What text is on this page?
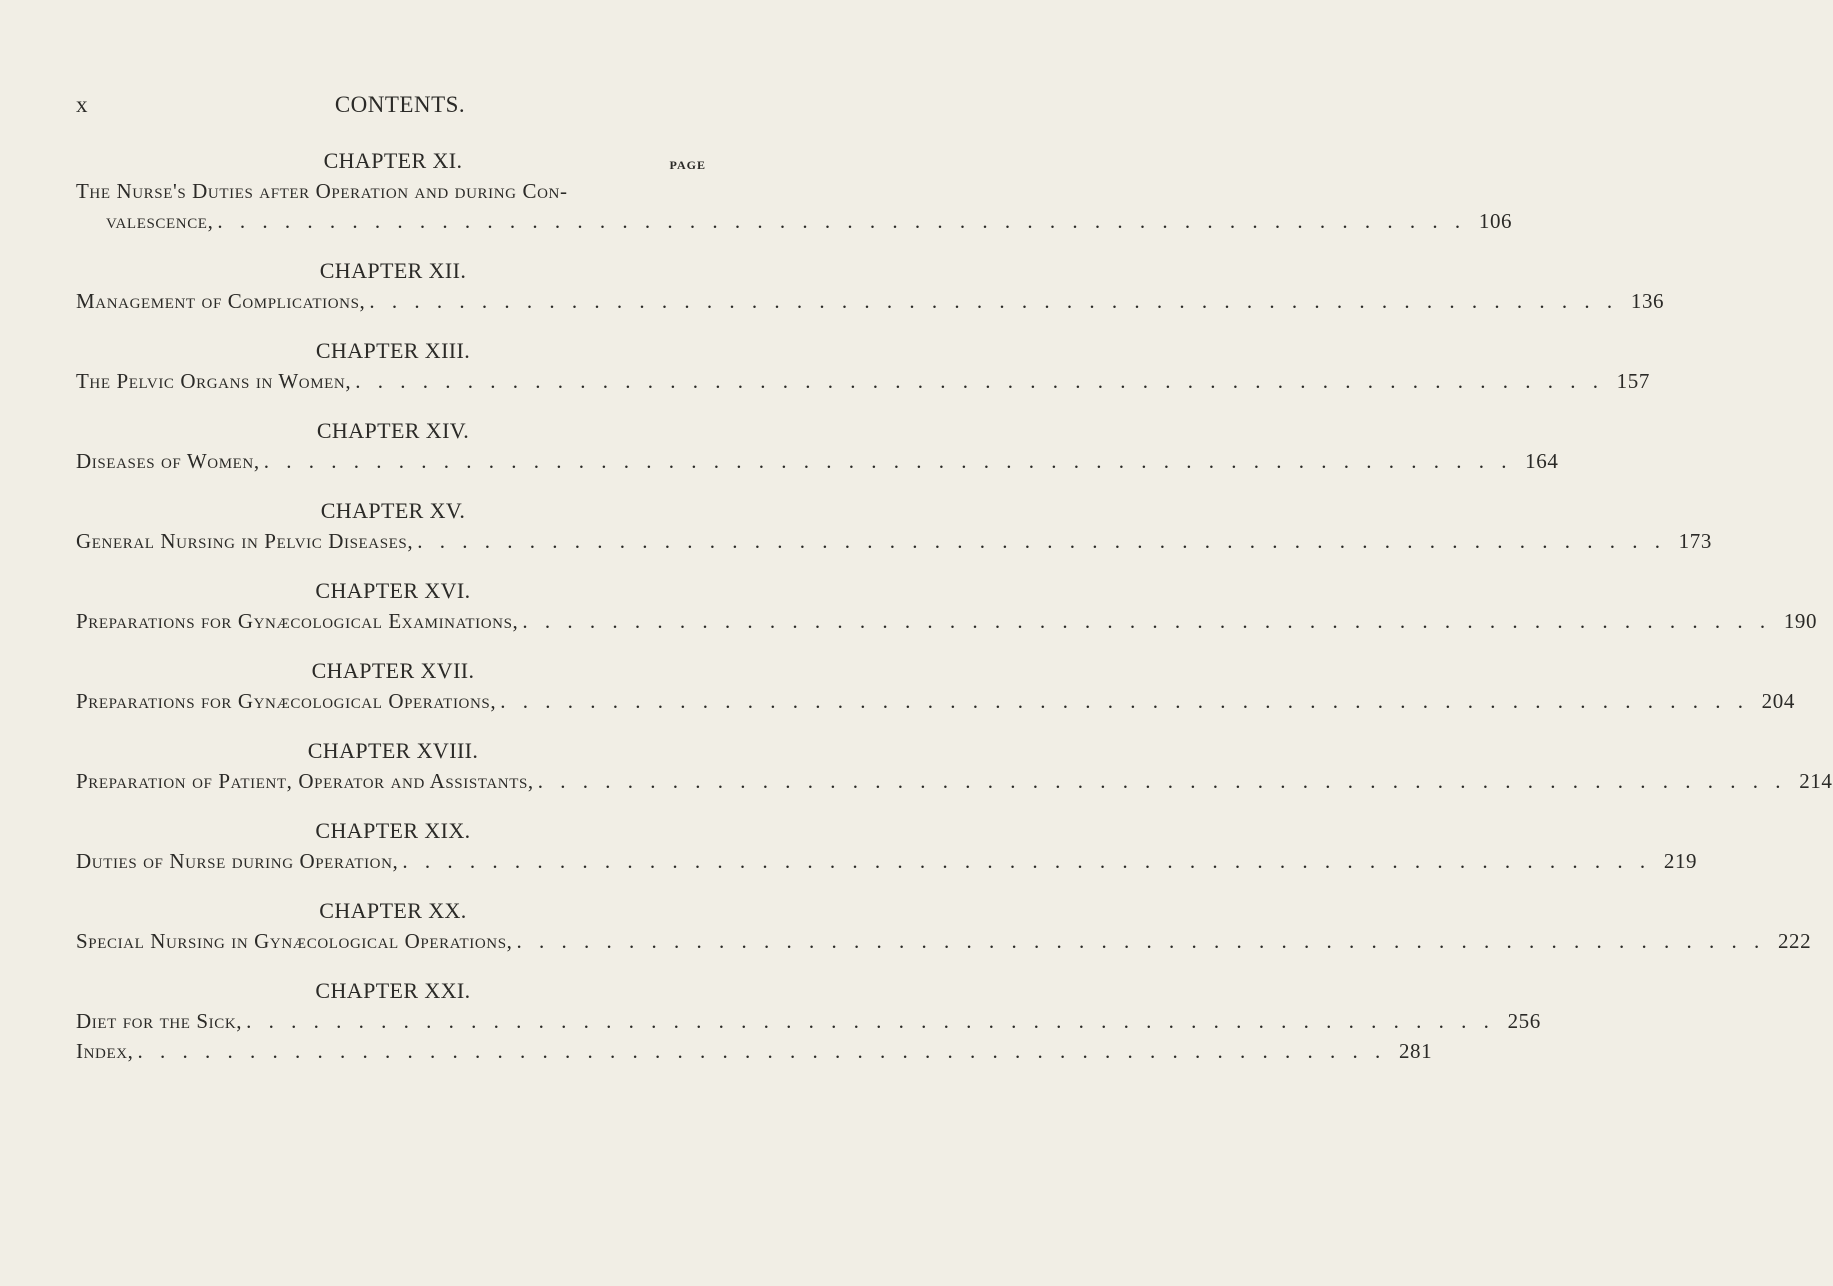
x	CONTENTS.
CHAPTER XI.	PAGE
The Nurse's Duties after Operation and during Con-
valescence, . . . . . . . . . . . . . . . . . . . . . . . . . . . . . . . . . . . . . . . . . . . . . . . . . . . . . . . . 106
CHAPTER XII.
Management of Complications, . . . . . . . . . . . . . . . . . . . . . . . . . . . . . . . . . . . . . . . . . . . . . . . . . . . . . . . . 136
CHAPTER XIII.
The Pelvic Organs in Women, . . . . . . . . . . . . . . . . . . . . . . . . . . . . . . . . . . . . . . . . . . . . . . . . . . . . . . . . 157
CHAPTER XIV.
Diseases of Women, . . . . . . . . . . . . . . . . . . . . . . . . . . . . . . . . . . . . . . . . . . . . . . . . . . . . . . . . 164
CHAPTER XV.
General Nursing in Pelvic Diseases, . . . . . . . . . . . . . . . . . . . . . . . . . . . . . . . . . . . . . . . . . . . . . . . . . . . . . . . . 173
CHAPTER XVI.
Preparations for Gynæcological Examinations, . . . . . . . . . . . . . . . . . . . . . . . . . . . . . . . . . . . . . . . . . . . . . . . . . . . . . . . . 190
CHAPTER XVII.
Preparations for Gynæcological Operations, . . . . . . . . . . . . . . . . . . . . . . . . . . . . . . . . . . . . . . . . . . . . . . . . . . . . . . . . 204
CHAPTER XVIII.
Preparation of Patient, Operator and Assistants, . . . . . . . . . . . . . . . . . . . . . . . . . . . . . . . . . . . . . . . . . . . . . . . . . . . . . . . . 214
CHAPTER XIX.
Duties of Nurse during Operation, . . . . . . . . . . . . . . . . . . . . . . . . . . . . . . . . . . . . . . . . . . . . . . . . . . . . . . . . 219
CHAPTER XX.
Special Nursing in Gynæcological Operations, . . . . . . . . . . . . . . . . . . . . . . . . . . . . . . . . . . . . . . . . . . . . . . . . . . . . . . . . 222
CHAPTER XXI.
Diet for the Sick, . . . . . . . . . . . . . . . . . . . . . . . . . . . . . . . . . . . . . . . . . . . . . . . . . . . . . . . . 256
Index, . . . . . . . . . . . . . . . . . . . . . . . . . . . . . . . . . . . . . . . . . . . . . . . . . . . . . . . . 281
